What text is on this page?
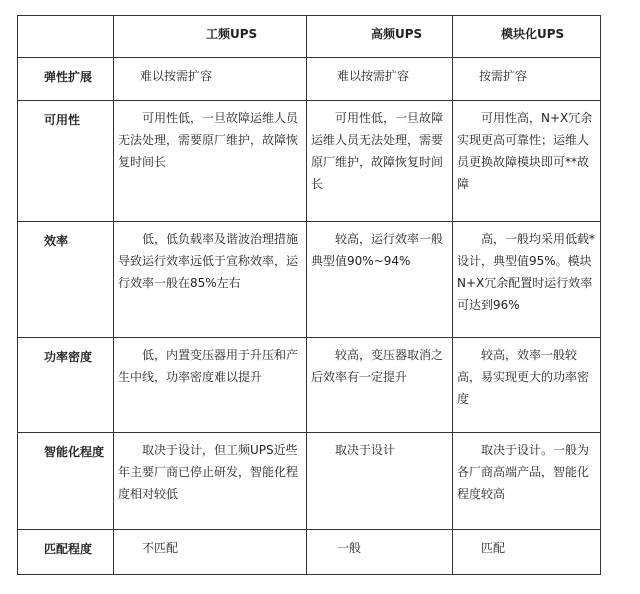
	工频UPS	高频UPS	模块化UPS

弹性扩展	难以按需扩容	难以按需扩容	按需扩容

可用性	可用性低，一旦故障运维人员无法处理，需要原厂维护，故障恢复时间长	可用性低，一旦故障运维人员无法处理，需要原厂维护，故障恢复时间长	可用性高，N+X冗余实现更高可靠性；运维人员更换故障模块即可**故障

效率	低，低负载率及谐波治理措施导致运行效率远低于宣称效率，运行效率一般在85%左右	较高，运行效率一般典型值90%~94%	高，一般均采用低载*设计，典型值95%。模块N+X冗余配置时运行效率可达到96%

功率密度	低，内置变压器用于升压和产生中线，功率密度难以提升	较高，变压器取消之后效率有一定提升	较高，效率一般较高，易实现更大的功率密度

智能化程度	取决于设计，但工频UPS近些年主要厂商已停止研发，智能化程度相对较低	取决于设计	取决于设计。一般为各厂商高端产品，智能化程度较高

匹配程度	不匹配	一般	匹配
